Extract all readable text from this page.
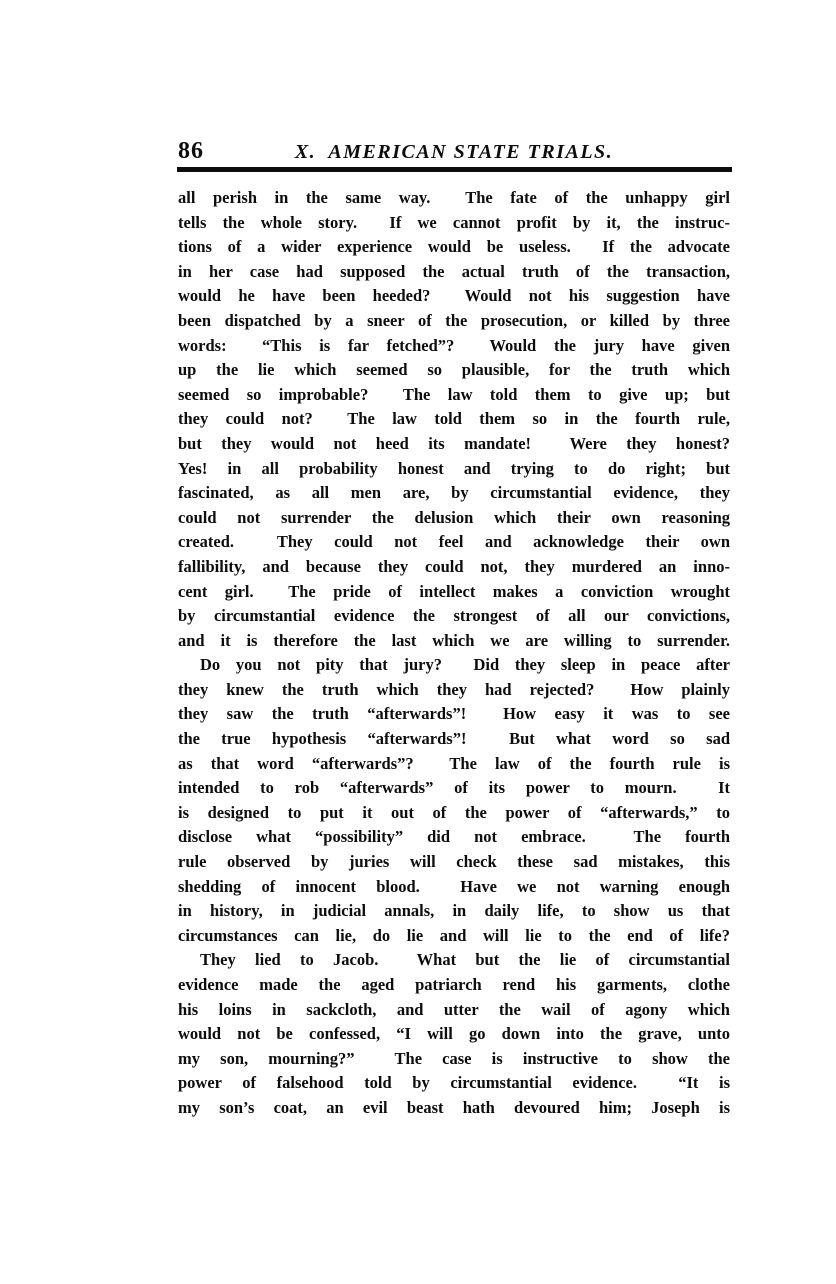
86	X.  AMERICAN STATE TRIALS.
all perish in the same way.  The fate of the unhappy girl
tells the whole story.  If we cannot profit by it, the instruc-
tions of a wider experience would be useless.  If the advocate
in her case had supposed the actual truth of the transaction,
would he have been heeded?  Would not his suggestion have
been dispatched by a sneer of the prosecution, or killed by three
words:  “This is far fetched”?  Would the jury have given
up the lie which seemed so plausible, for the truth which
seemed so improbable?  The law told them to give up; but
they could not?  The law told them so in the fourth rule,
but they would not heed its mandate!  Were they honest?
Yes! in all probability honest and trying to do right; but
fascinated, as all men are, by circumstantial evidence, they
could not surrender the delusion which their own reasoning
created.  They could not feel and acknowledge their own
fallibility, and because they could not, they murdered an inno-
cent girl.  The pride of intellect makes a conviction wrought
by circumstantial evidence the strongest of all our convictions,
and it is therefore the last which we are willing to surrender.
Do you not pity that jury?  Did they sleep in peace after
they knew the truth which they had rejected?  How plainly
they saw the truth “afterwards”!  How easy it was to see
the true hypothesis “afterwards”!  But what word so sad
as that word “afterwards”?  The law of the fourth rule is
intended to rob “afterwards” of its power to mourn.  It
is designed to put it out of the power of “afterwards,” to
disclose what “possibility” did not embrace.  The fourth
rule observed by juries will check these sad mistakes, this
shedding of innocent blood.  Have we not warning enough
in history, in judicial annals, in daily life, to show us that
circumstances can lie, do lie and will lie to the end of life?
They lied to Jacob.  What but the lie of circumstantial
evidence made the aged patriarch rend his garments, clothe
his loins in sackcloth, and utter the wail of agony which
would not be confessed, “I will go down into the grave, unto
my son, mourning?”  The case is instructive to show the
power of falsehood told by circumstantial evidence.  “It is
my son’s coat, an evil beast hath devoured him; Joseph is
